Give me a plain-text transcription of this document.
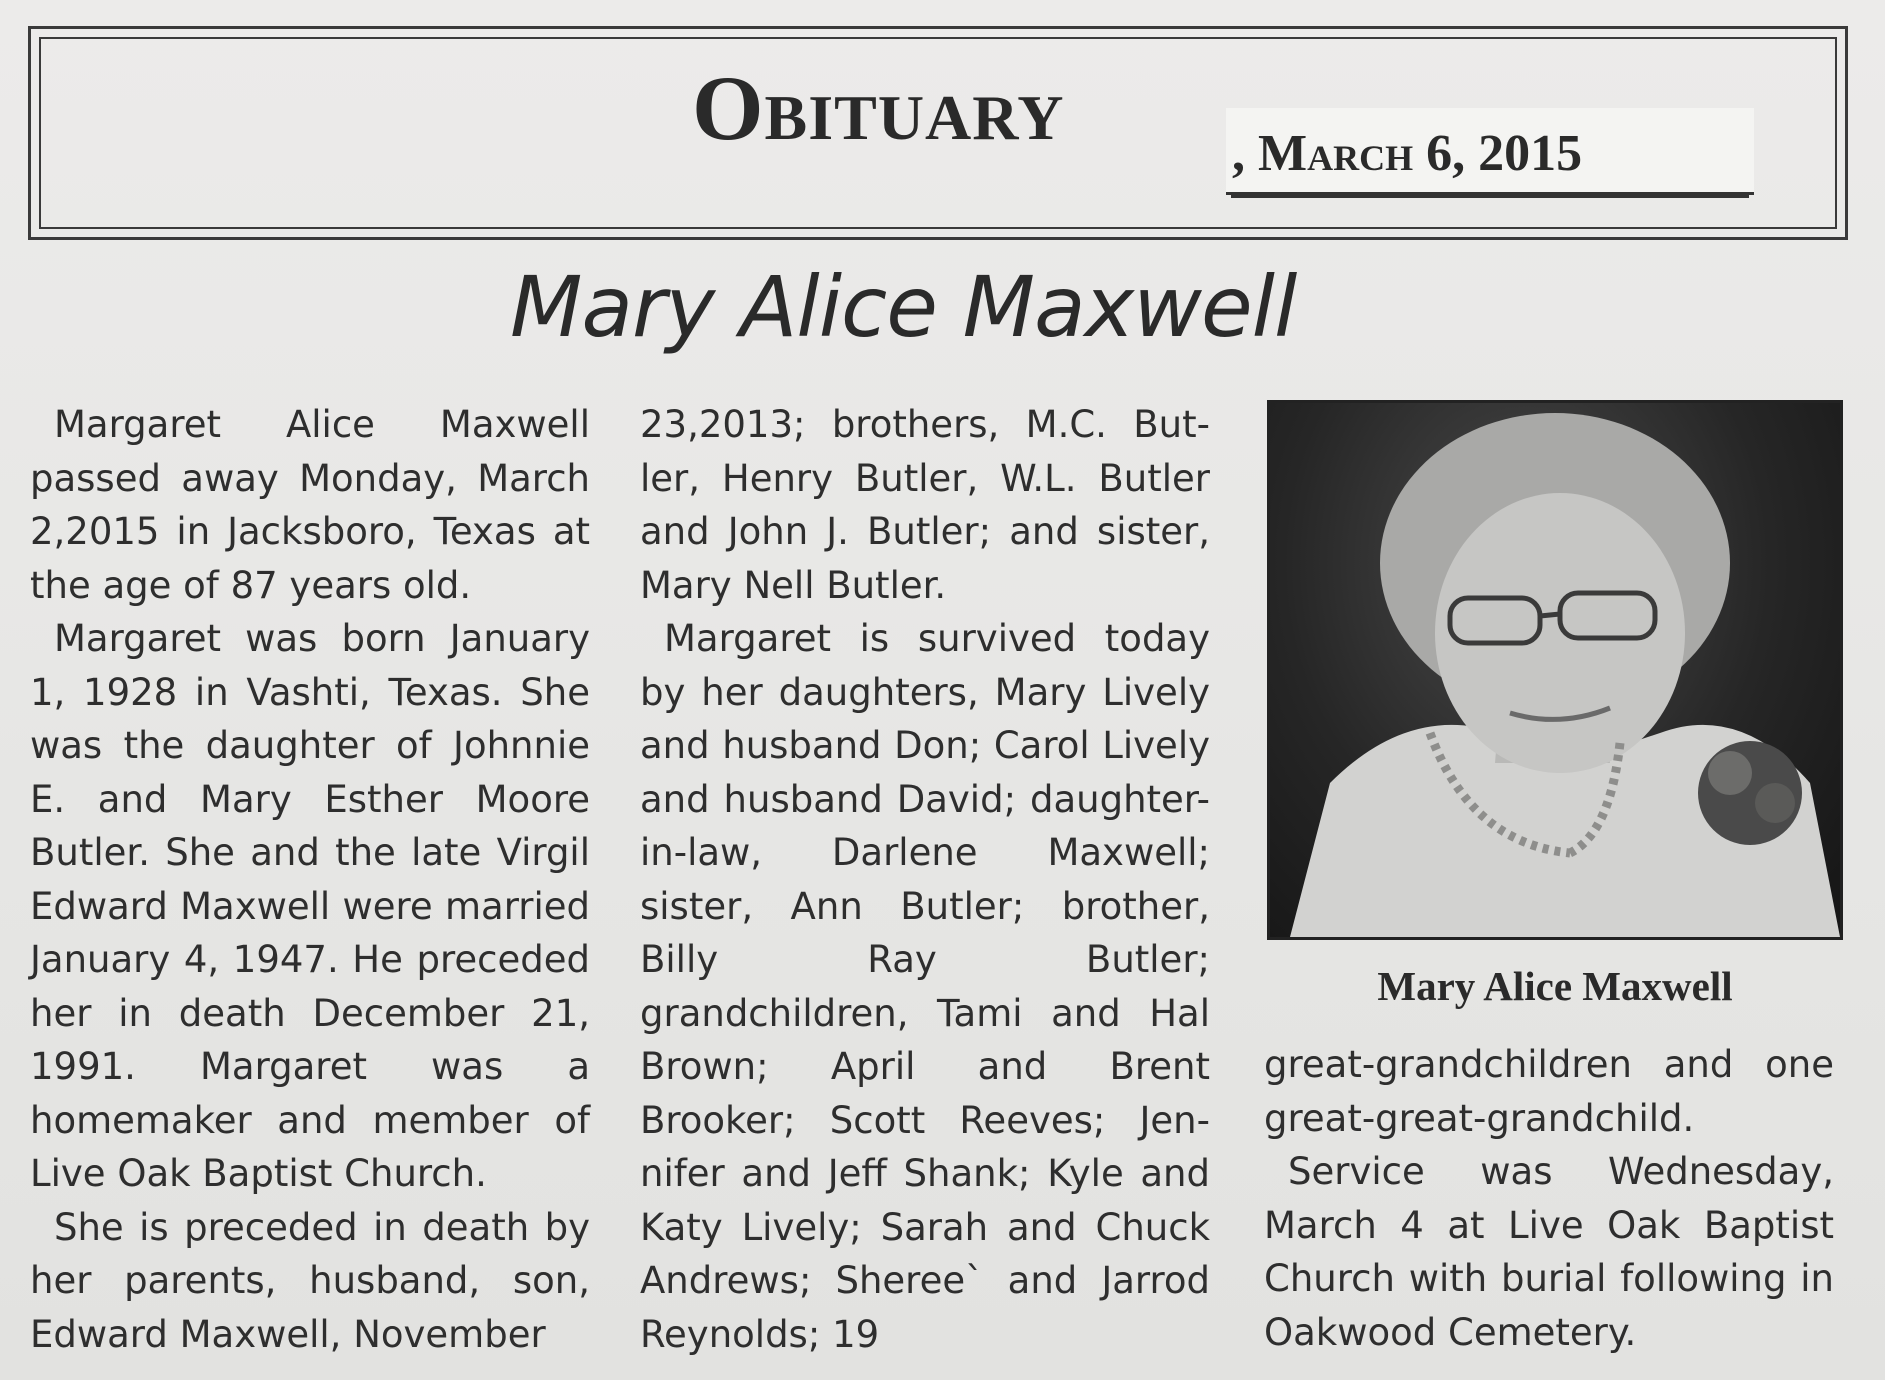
Obituary	, March 6, 2015
Mary Alice Maxwell

Margaret Alice Maxwell passed away Monday, March 2,2015 in Jacksboro, Texas at the age of 87 years old.

Margaret was born January 1, 1928 in Vashti, Texas. She was the daughter of Johnnie E. and Mary Esther Moore Butler. She and the late Virgil Edward Maxwell were married January 4, 1947. He preceded her in death December 21, 1991. Margaret was a homemaker and member of Live Oak Baptist Church.

She is preceded in death by her parents, husband, son, Edward Maxwell, November

23,2013; brothers, M.C. Butler, Henry Butler, W.L. Butler and John J. Butler; and sister, Mary Nell Butler.

Margaret is survived today by her daughters, Mary Lively and husband Don; Carol Lively and husband David; daughter-in-law, Darlene Maxwell; sister, Ann Butler; brother, Billy Ray Butler; grandchildren, Tami and Hal Brown; April and Brent Brooker; Scott Reeves; Jennifer and Jeff Shank; Kyle and Katy Lively; Sarah and Chuck Andrews; Sheree` and Jarrod Reynolds; 19

Mary Alice Maxwell

great-grandchildren and one great-great-grandchild.

Service was Wednesday, March 4 at Live Oak Baptist Church with burial following in Oakwood Cemetery.
